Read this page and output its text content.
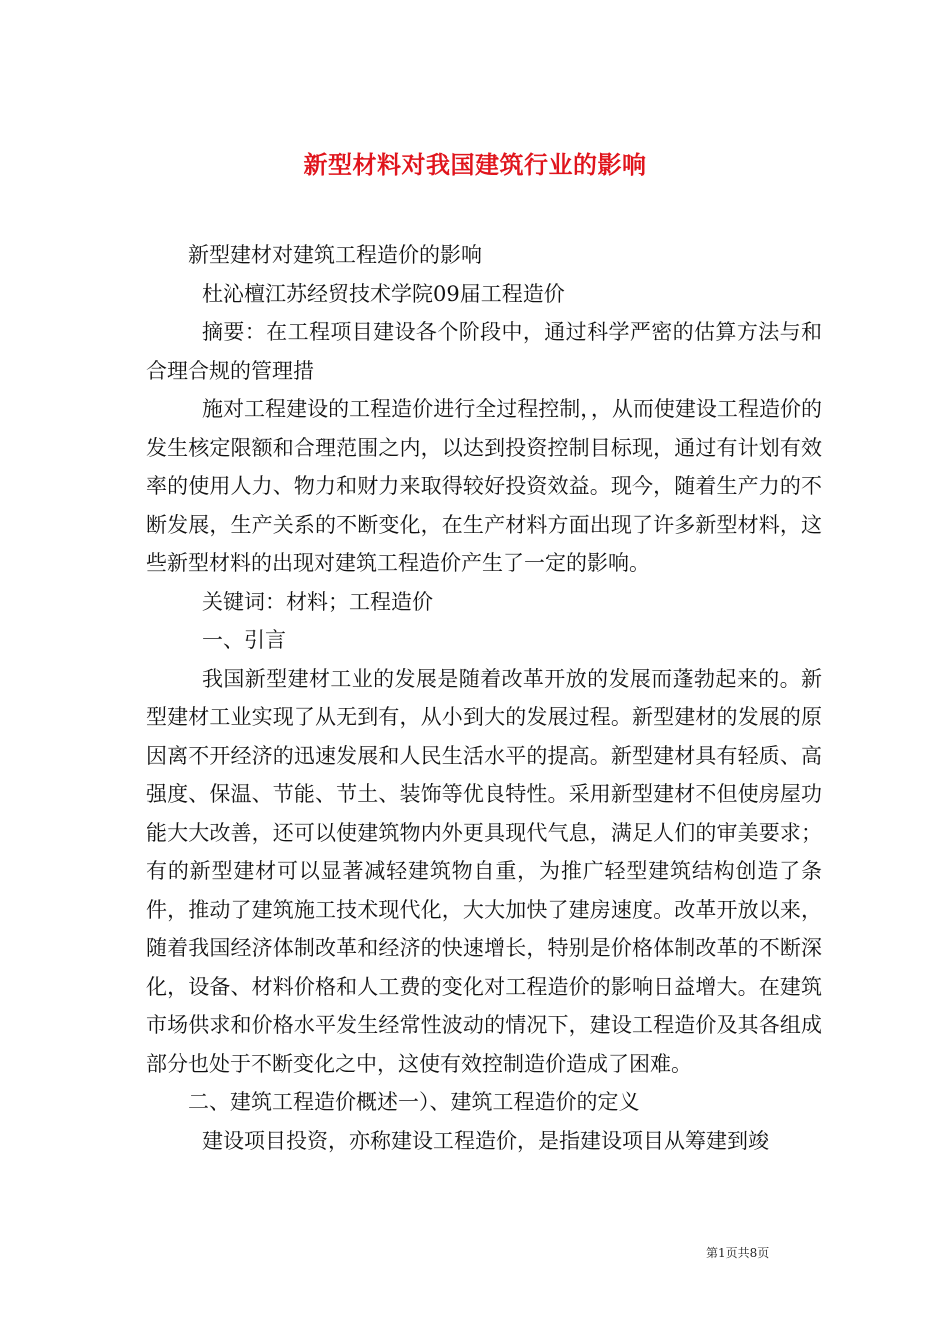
新型材料对我国建筑行业的影响

新型建材对建筑工程造价的影响

杜沁檀江苏经贸技术学院09届工程造价

摘要：在工程项目建设各个阶段中，通过科学严密的估算方法与和合理合规的管理措

施对工程建设的工程造价进行全过程控制，，从而使建设工程造价的发生核定限额和合理范围之内，以达到投资控制目标现，通过有计划有效率的使用人力、物力和财力来取得较好投资效益。现今，随着生产力的不断发展，生产关系的不断变化，在生产材料方面出现了许多新型材料，这些新型材料的出现对建筑工程造价产生了一定的影响。

关键词：材料；工程造价

一、引言

我国新型建材工业的发展是随着改革开放的发展而蓬勃起来的。新型建材工业实现了从无到有，从小到大的发展过程。新型建材的发展的原因离不开经济的迅速发展和人民生活水平的提高。新型建材具有轻质、高强度、保温、节能、节土、装饰等优良特性。采用新型建材不但使房屋功能大大改善，还可以使建筑物内外更具现代气息，满足人们的审美要求；有的新型建材可以显著减轻建筑物自重，为推广轻型建筑结构创造了条件，推动了建筑施工技术现代化，大大加快了建房速度。改革开放以来，随着我国经济体制改革和经济的快速增长，特别是价格体制改革的不断深化，设备、材料价格和人工费的变化对工程造价的影响日益增大。在建筑市场供求和价格水平发生经常性波动的情况下，建设工程造价及其各组成部分也处于不断变化之中，这使有效控制造价造成了困难。

二、建筑工程造价概述一）、建筑工程造价的定义

建设项目投资，亦称建设工程造价，是指建设项目从筹建到竣

第1页共8页
